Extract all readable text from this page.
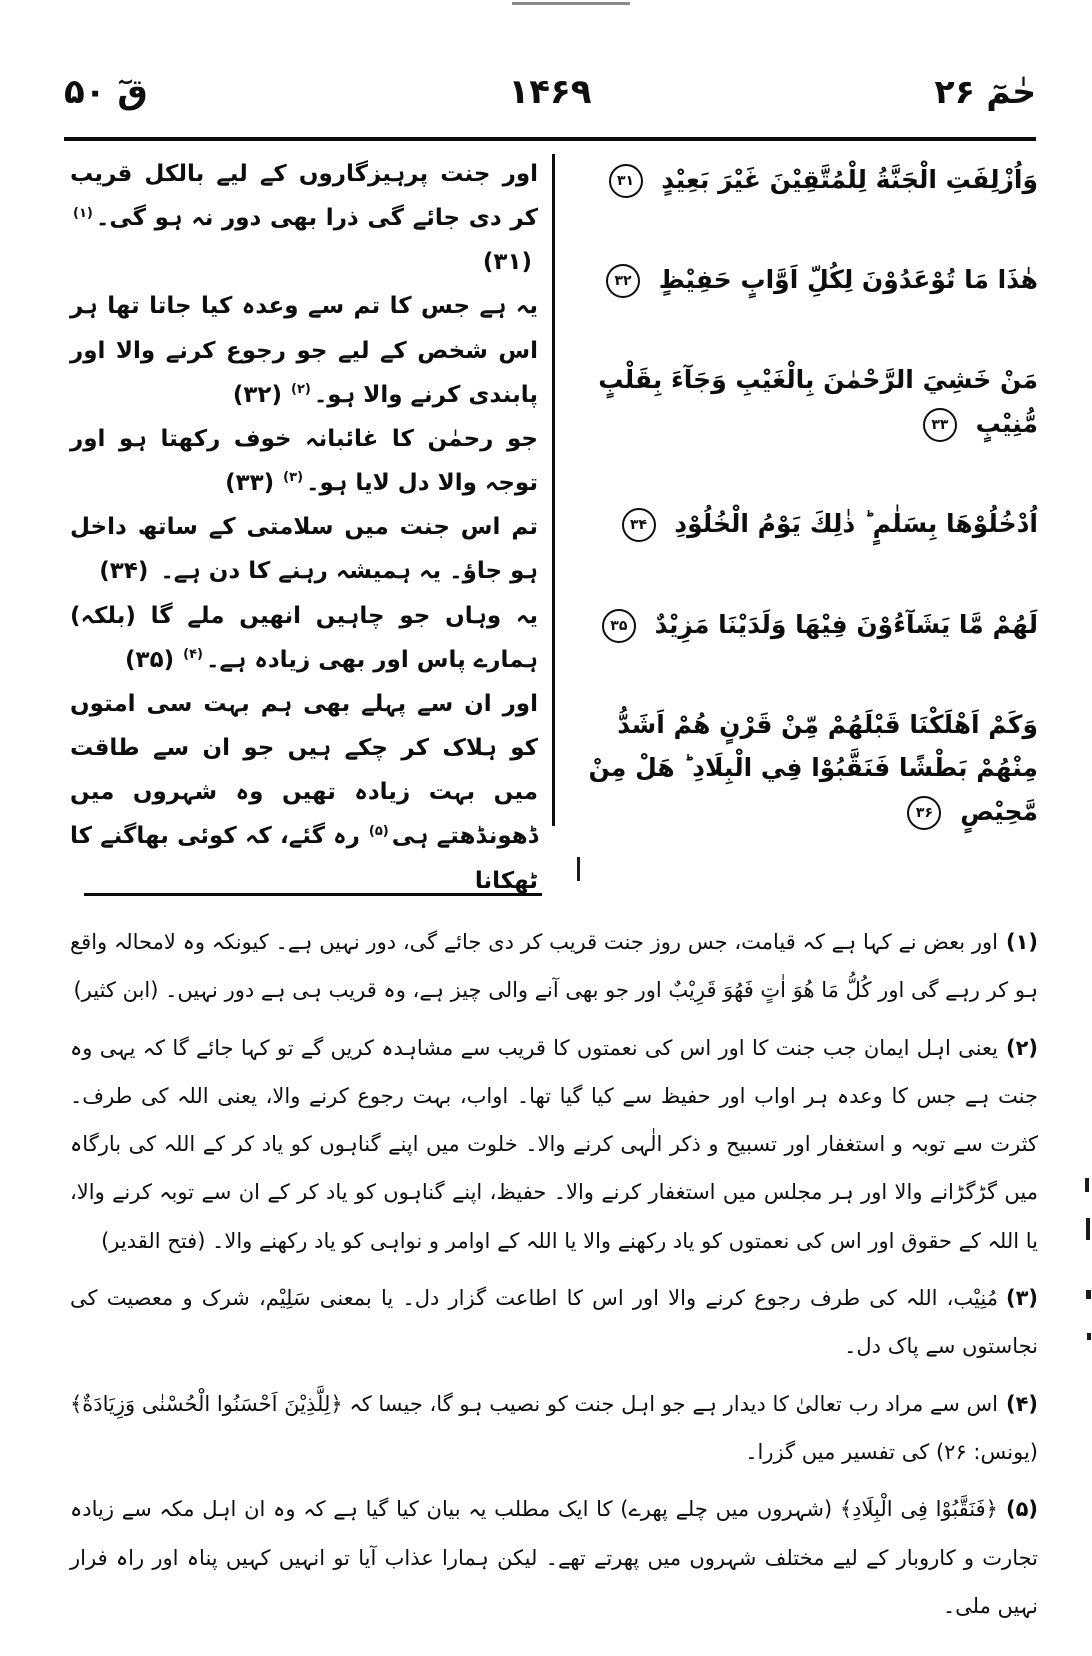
قٓ ۵۰	۱۴۶۹	حٰمٓ ۲۶

اور جنت پرہیزگاروں کے لیے بالکل قریب کر دی جائے گی ذرا بھی دور نہ ہو گی۔$^{(۱)}$(۳۱)

یہ ہے جس کا تم سے وعدہ کیا جاتا تھا ہر اس شخص کے لیے جو رجوع کرنے والا اور پابندی کرنے والا ہو۔$^{(۲)}$(۳۲)

جو رحمٰن کا غائبانہ خوف رکھتا ہو اور توجہ والا دل لایا ہو۔$^{(۳)}$(۳۳)

تم اس جنت میں سلامتی کے ساتھ داخل ہو جاؤ۔ یہ ہمیشہ رہنے کا دن ہے۔(۳۴)

یہ وہاں جو چاہیں انھیں ملے گا (بلکہ) ہمارے پاس اور بھی زیادہ ہے۔$^{(۴)}$(۳۵)

اور ان سے پہلے بھی ہم بہت سی امتوں کو ہلاک کر چکے ہیں جو ان سے طاقت میں بہت زیادہ تھیں وہ شہروں میں ڈھونڈھتے ہی$^{(۵)}$رہ گئے، کہ کوئی بھاگنے کا ٹھکانا

وَاُزْلِفَتِ الْجَنَّةُ لِلْمُتَّقِيْنَ غَيْرَ بَعِيْدٍ ۳۱

هٰذَا مَا تُوْعَدُوْنَ لِكُلِّ اَوَّابٍ حَفِيْظٍ ۳۲

مَنْ خَشِيَ الرَّحْمٰنَ بِالْغَيْبِ وَجَآءَ بِقَلْبٍ مُّنِيْبٍ ۳۳

اُدْخُلُوْهَا بِسَلٰمٍ ؕ ذٰلِكَ يَوْمُ الْخُلُوْدِ ۳۴

لَهُمْ مَّا يَشَآءُوْنَ فِيْهَا وَلَدَيْنَا مَزِيْدٌ ۳۵

وَكَمْ اَهْلَكْنَا قَبْلَهُمْ مِّنْ قَرْنٍ هُمْ اَشَدُّ مِنْهُمْ بَطْشًا فَنَقَّبُوْا فِي الْبِلَادِ ؕ هَلْ مِنْ مَّحِيْصٍ ۳۶

(۱)اور بعض نے کہا ہے کہ قیامت، جس روز جنت قریب کر دی جائے گی، دور نہیں ہے۔ کیونکہ وہ لامحالہ واقع ہو کر رہے گی اور كُلُّ مَا هُوَ اٰتٍ فَهُوَ قَرِيْبٌ اور جو بھی آنے والی چیز ہے، وہ قریب ہی ہے دور نہیں۔ (ابن کثیر)

(۲)یعنی اہل ایمان جب جنت کا اور اس کی نعمتوں کا قریب سے مشاہدہ کریں گے تو کہا جائے گا کہ یہی وہ جنت ہے جس کا وعدہ ہر اواب اور حفیظ سے کیا گیا تھا۔ اواب، بہت رجوع کرنے والا، یعنی اللہ کی طرف۔ کثرت سے توبہ و استغفار اور تسبیح و ذکر الٰہی کرنے والا۔ خلوت میں اپنے گناہوں کو یاد کر کے اللہ کی بارگاہ میں گڑگڑانے والا اور ہر مجلس میں استغفار کرنے والا۔ حفیظ، اپنے گناہوں کو یاد کر کے ان سے توبہ کرنے والا، یا اللہ کے حقوق اور اس کی نعمتوں کو یاد رکھنے والا یا اللہ کے اوامر و نواہی کو یاد رکھنے والا۔ (فتح القدیر)

(۳)مُنِیْب، اللہ کی طرف رجوع کرنے والا اور اس کا اطاعت گزار دل۔ یا بمعنی سَلِیْم، شرک و معصیت کی نجاستوں سے پاک دل۔

(۴)اس سے مراد رب تعالیٰ کا دیدار ہے جو اہل جنت کو نصیب ہو گا، جیسا کہ ﴿لِلَّذِیْنَ اَحْسَنُوا الْحُسْنٰی وَزِیَادَةٌ﴾ (یونس: ۲۶) کی تفسیر میں گزرا۔

(۵)﴿فَنَقَّبُوْا فِی الْبِلَادِ﴾ (شہروں میں چلے پھرے) کا ایک مطلب یہ بیان کیا گیا ہے کہ وہ ان اہل مکہ سے زیادہ تجارت و کاروبار کے لیے مختلف شہروں میں پھرتے تھے۔ لیکن ہمارا عذاب آیا تو انہیں کہیں پناہ اور راہ فرار نہیں ملی۔
